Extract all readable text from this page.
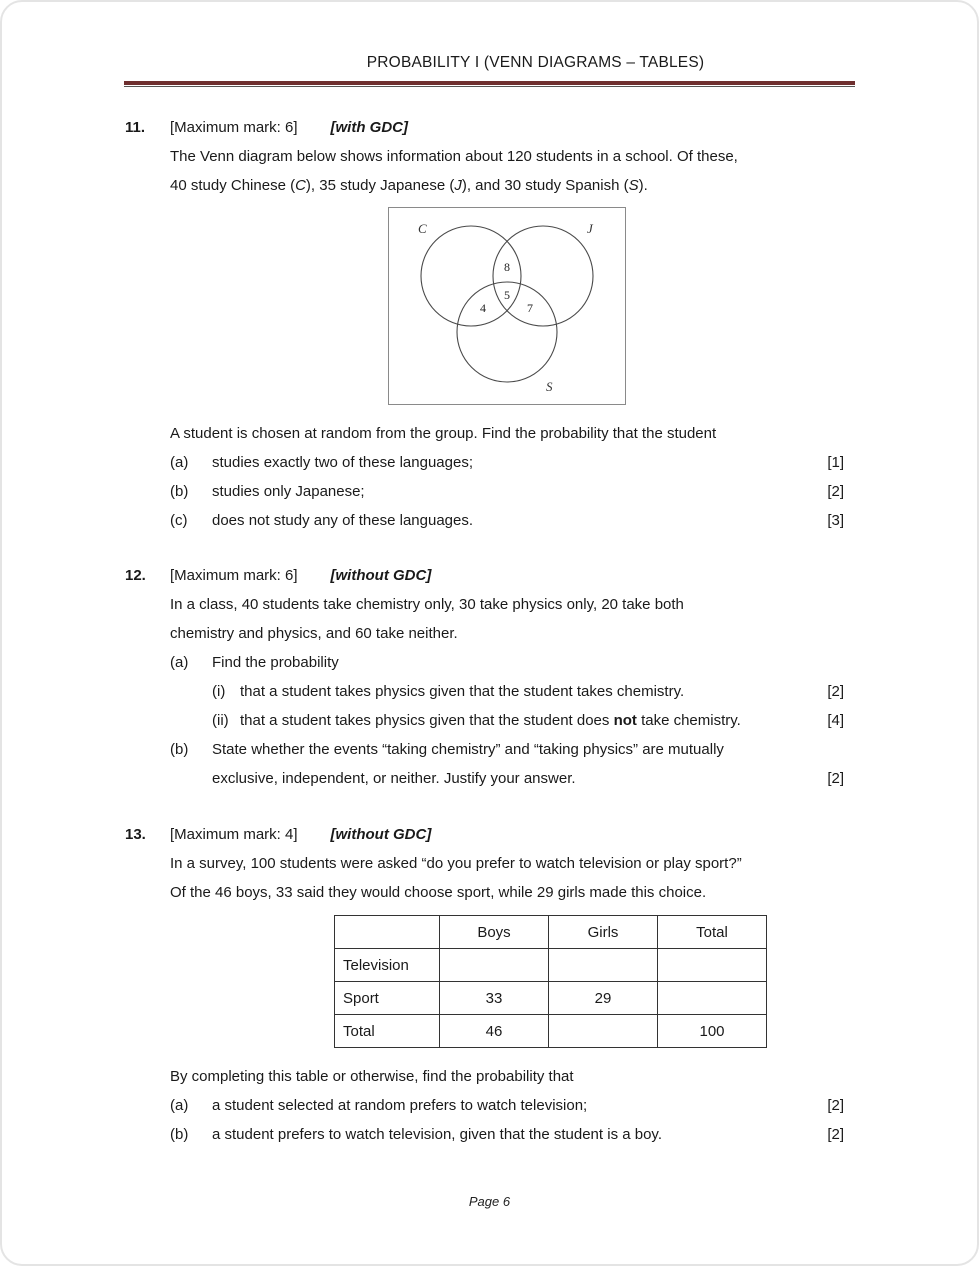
PROBABILITY I (VENN DIAGRAMS – TABLES)
11.	[Maximum mark: 6] [with GDC]
The Venn diagram below shows information about 120 students in a school. Of these,
40 study Chinese (C), 35 study Japanese (J), and 30 study Spanish (S).
C	J
S
8
5
4	7
A student is chosen at random from the group. Find the probability that the student
(a)	studies exactly two of these languages;	[1]
(b)	studies only Japanese;	[2]
(c)	does not study any of these languages.	[3]
12.	[Maximum mark: 6] [without GDC]
In a class, 40 students take chemistry only, 30 take physics only, 20 take both
chemistry and physics, and 60 take neither.
(a)	Find the probability
(i) that a student takes physics given that the student takes chemistry.	[2]
(ii) that a student takes physics given that the student does not take chemistry.	[4]
(b)	State whether the events “taking chemistry” and “taking physics” are mutually
exclusive, independent, or neither. Justify your answer.	[2]
13.	[Maximum mark: 4] [without GDC]
In a survey, 100 students were asked “do you prefer to watch television or play sport?”
Of the 46 boys, 33 said they would choose sport, while 29 girls made this choice.
	Boys	Girls	Total
Television			
Sport	33	29	
Total	46		100
By completing this table or otherwise, find the probability that
(a)	a student selected at random prefers to watch television;	[2]
(b)	a student prefers to watch television, given that the student is a boy.	[2]
Page 6
